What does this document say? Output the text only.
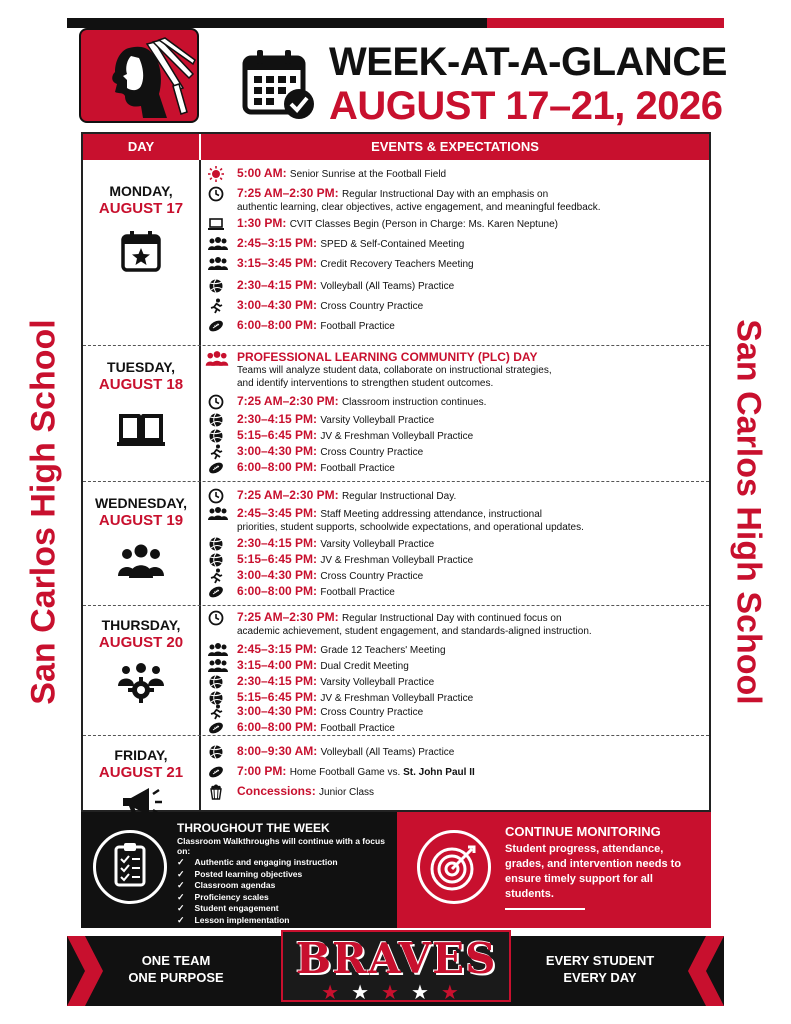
San Carlos High School	San Carlos High School
WEEK-AT-A-GLANCE
AUGUST 17–21, 2026
DAY	EVENTS & EXPECTATIONS
MONDAY,
AUGUST 17
5:00 AM: Senior Sunrise at the Football Field
7:25 AM–2:30 PM: Regular Instructional Day with an emphasis on
authentic learning, clear objectives, active engagement, and meaningful feedback.
1:30 PM: CVIT Classes Begin (Person in Charge: Ms. Karen Neptune)
2:45–3:15 PM: SPED & Self-Contained Meeting
3:15–3:45 PM: Credit Recovery Teachers Meeting
2:30–4:15 PM: Volleyball (All Teams) Practice
3:00–4:30 PM: Cross Country Practice
6:00–8:00 PM: Football Practice
TUESDAY,
AUGUST 18
PROFESSIONAL LEARNING COMMUNITY (PLC) DAY
Teams will analyze student data, collaborate on instructional strategies,
and identify interventions to strengthen student outcomes.
7:25 AM–2:30 PM: Classroom instruction continues.
2:30–4:15 PM: Varsity Volleyball Practice
5:15–6:45 PM: JV & Freshman Volleyball Practice
3:00–4:30 PM: Cross Country Practice
6:00–8:00 PM: Football Practice
WEDNESDAY,
AUGUST 19
7:25 AM–2:30 PM: Regular Instructional Day.
2:45–3:45 PM: Staff Meeting addressing attendance, instructional
priorities, student supports, schoolwide expectations, and operational updates.
2:30–4:15 PM: Varsity Volleyball Practice
5:15–6:45 PM: JV & Freshman Volleyball Practice
3:00–4:30 PM: Cross Country Practice
6:00–8:00 PM: Football Practice
THURSDAY,
AUGUST 20
7:25 AM–2:30 PM: Regular Instructional Day with continued focus on
academic achievement, student engagement, and standards-aligned instruction.
2:45–3:15 PM: Grade 12 Teachers' Meeting
3:15–4:00 PM: Dual Credit Meeting
2:30–4:15 PM: Varsity Volleyball Practice
5:15–6:45 PM: JV & Freshman Volleyball Practice
3:00–4:30 PM: Cross Country Practice
6:00–8:00 PM: Football Practice
FRIDAY,
AUGUST 21
8:00–9:30 AM: Volleyball (All Teams) Practice
7:00 PM: Home Football Game vs. St. John Paul II
Concessions: Junior Class
THROUGHOUT THE WEEK
Classroom Walkthroughs will continue with a focus on:
✓ Authentic and engaging instruction
✓ Posted learning objectives
✓ Classroom agendas
✓ Proficiency scales
✓ Student engagement
✓ Lesson implementation
CONTINUE MONITORING
Student progress, attendance, grades, and intervention needs to ensure timely support for all students.
ONE TEAM
ONE PURPOSE	BRAVES
★★★★★
EVERY STUDENT
EVERY DAY
